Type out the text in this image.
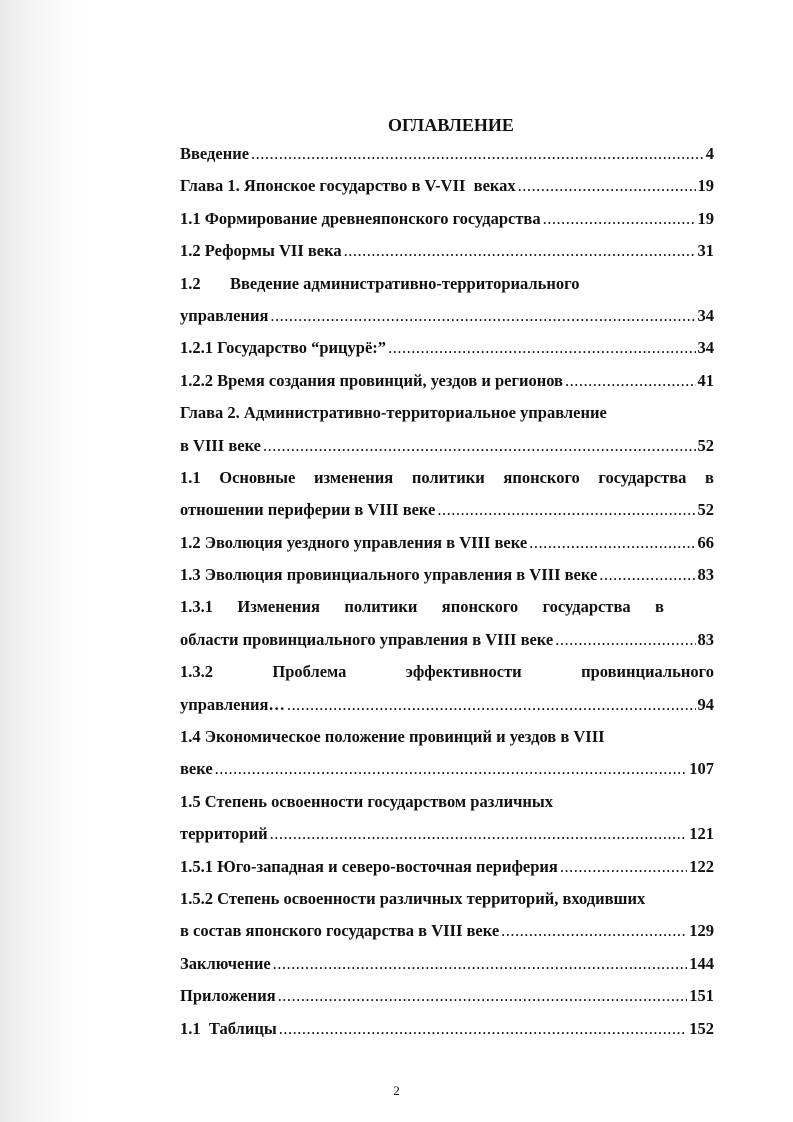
ОГЛАВЛЕНИЕ
Введение .....	4
Глава 1. Японское государство в V-VII  веках .....	19
1.1 Формирование древнеяпонского государства .....	19
1.2 Реформы VII века .....	31
1.2 Введение административно-территориального
управления .....	34
1.2.1 Государство “рицурё:” .....	34
1.2.2 Время создания провинций, уездов и регионов .....	41
Глава 2. Административно-территориальное управление
в VIII веке .....	52
1.1 Основные изменения политики японского государства в
отношении периферии в VIII веке .....	52
1.2 Эволюция уездного управления в VIII веке .....	66
1.3 Эволюция провинциального управления в VIII веке .....	83
1.3.1 Изменения политики японского государства в
области провинциального управления в VIII веке .....	83
1.3.2	Проблема	эффективности	провинциального
управления… .....	94
1.4 Экономическое положение провинций и уездов в VIII
веке .....	107
1.5 Степень освоенности государством различных
территорий .....	121
1.5.1 Юго-западная и северо-восточная периферия .....	122
1.5.2 Степень освоенности различных территорий, входивших
в состав японского государства в VIII веке .....	129
Заключение .....	144
Приложения .....	151
1.1  Таблицы .....	152
2
